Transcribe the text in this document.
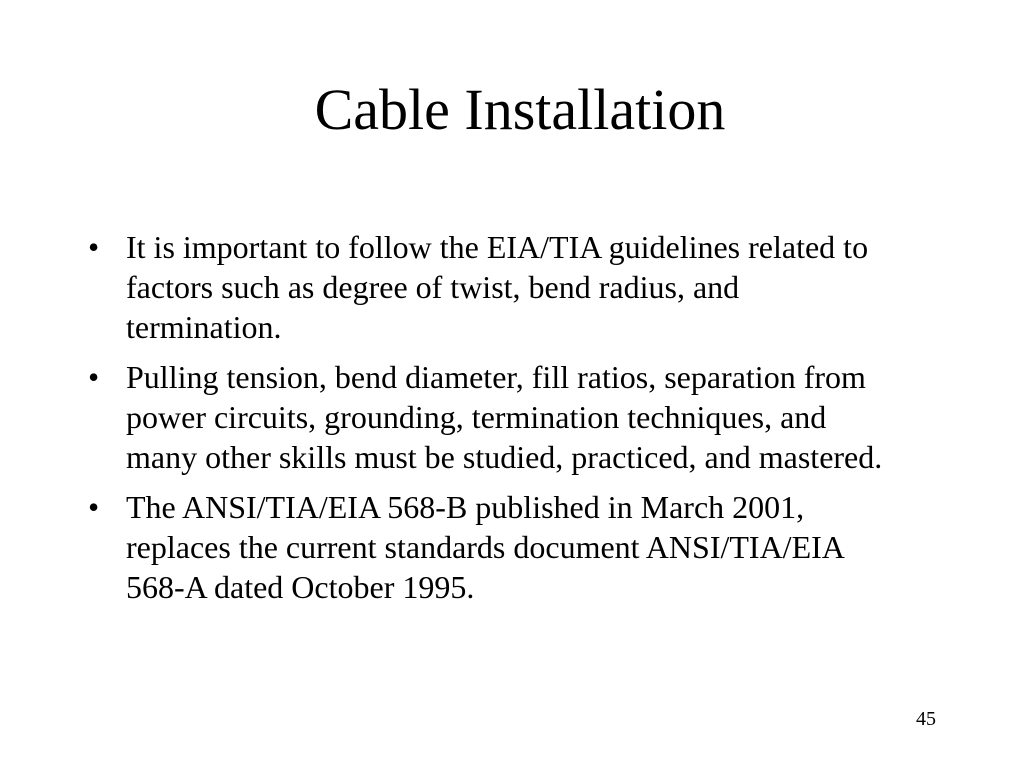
Cable Installation
• It is important to follow the EIA/TIA guidelines related to factors such as degree of twist, bend radius, and termination.
• Pulling tension, bend diameter, fill ratios, separation from power circuits, grounding, termination techniques, and many other skills must be studied, practiced, and mastered.
• The ANSI/TIA/EIA 568-B published in March 2001, replaces the current standards document ANSI/TIA/EIA 568-A dated October 1995.
45
